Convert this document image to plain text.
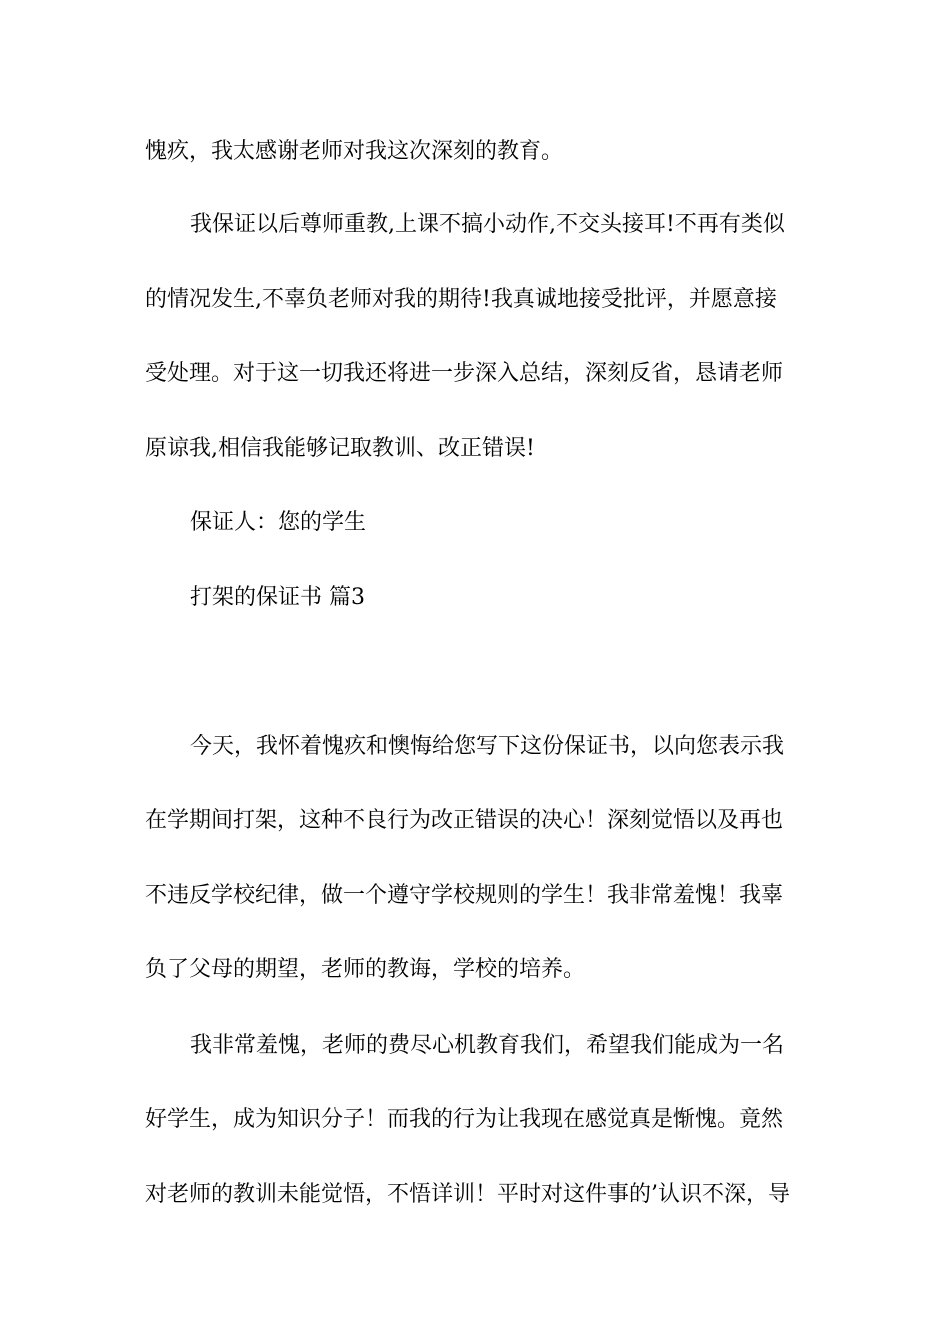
愧疚，我太感谢老师对我这次深刻的教育。
我保证以后尊师重教,上课不搞小动作,不交头接耳!不再有类似
的情况发生,不辜负老师对我的期待!我真诚地接受批评，并愿意接
受处理。对于这一切我还将进一步深入总结，深刻反省，恳请老师
原谅我,相信我能够记取教训、改正错误!
保证人：您的学生
打架的保证书 篇3
今天，我怀着愧疚和懊悔给您写下这份保证书，以向您表示我
在学期间打架，这种不良行为改正错误的决心！深刻觉悟以及再也
不违反学校纪律，做一个遵守学校规则的学生！我非常羞愧！我辜
负了父母的期望，老师的教诲，学校的培养。
我非常羞愧，老师的费尽心机教育我们，希望我们能成为一名
好学生，成为知识分子！而我的行为让我现在感觉真是惭愧。竟然
对老师的教训未能觉悟，不悟详训！平时对这件事的’认识不深，导
